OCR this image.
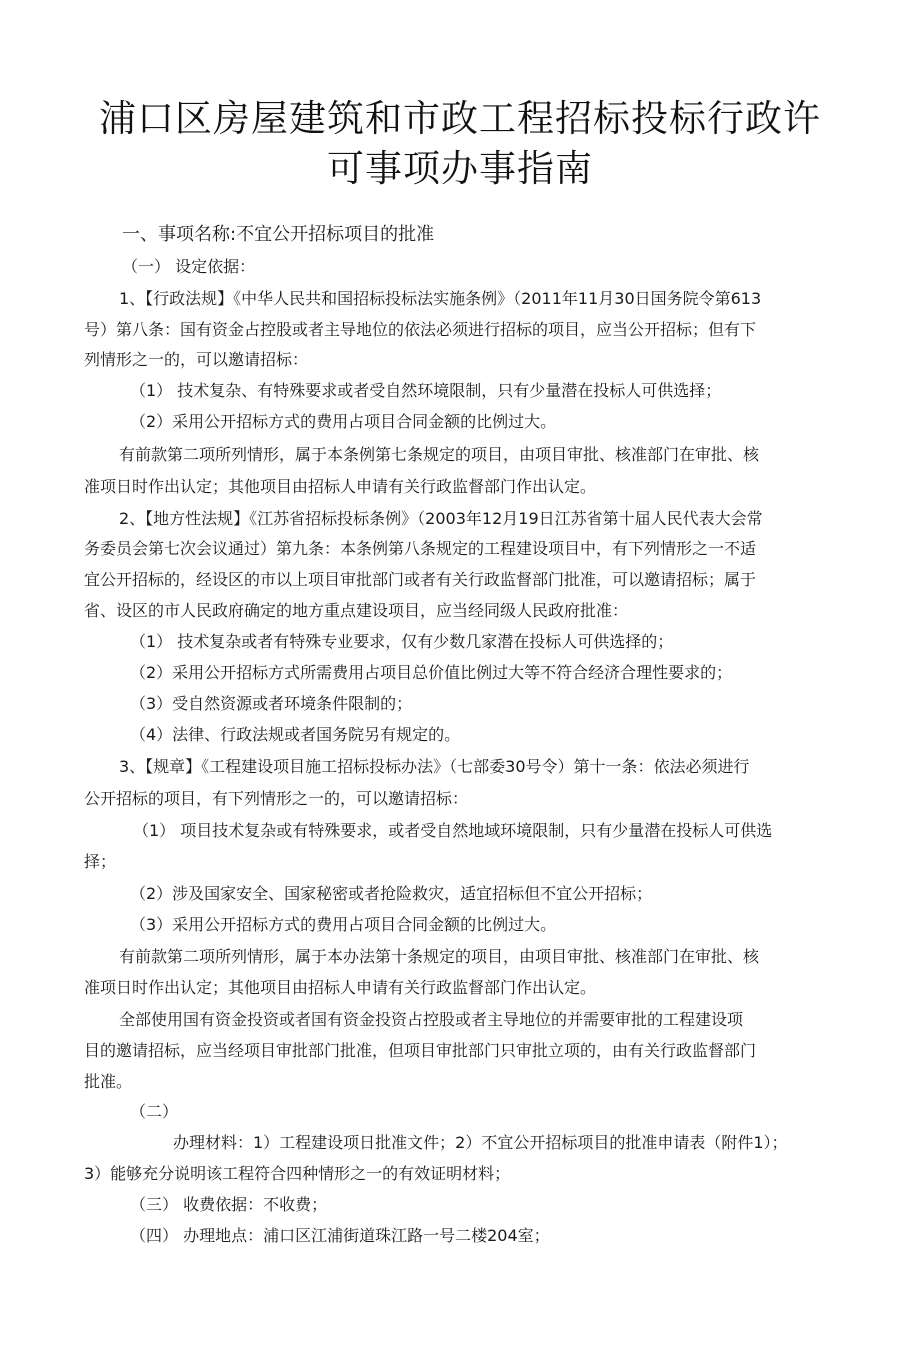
浦口区房屋建筑和市政工程招标投标行政许
可事项办事指南
一、事项名称:不宜公开招标项目的批准
（一） 设定依据：
1、【行政法规】《中华人民共和国招标投标法实施条例》（2011年11月30日国务院令第613
号）第八条：国有资金占控股或者主导地位的依法必须进行招标的项目，应当公开招标；但有下
列情形之一的，可以邀请招标：
（1） 技术复杂、有特殊要求或者受自然环境限制，只有少量潜在投标人可供选择；
（2）采用公开招标方式的费用占项目合同金额的比例过大。
有前款第二项所列情形，属于本条例第七条规定的项目，由项目审批、核准部门在审批、核
准项日时作出认定；其他项目由招标人申请有关行政监督部门作出认定。
2、【地方性法规】《江苏省招标投标条例》（2003年12月19日江苏省第十届人民代表大会常
务委员会第七次会议通过）第九条：本条例第八条规定的工程建设项目中，有下列情形之一不适
宜公开招标的，经设区的市以上项目审批部门或者有关行政监督部门批准，可以邀请招标；属于
省、设区的市人民政府确定的地方重点建设项目，应当经同级人民政府批准：
（1） 技术复杂或者有特殊专业要求，仅有少数几家潜在投标人可供选择的；
（2）采用公开招标方式所需费用占项目总价值比例过大等不符合经济合理性要求的；
（3）受自然资源或者环境条件限制的；
（4）法律、行政法规或者国务院另有规定的。
3、【规章】《工程建设项目施工招标投标办法》（七部委30号令）第十一条：依法必须进行
公开招标的项目，有下列情形之一的，可以邀请招标：
（1） 项目技术复杂或有特殊要求，或者受自然地域环境限制，只有少量潜在投标人可供选
择；
（2）涉及国家安全、国家秘密或者抢险救灾，适宜招标但不宜公开招标；
（3）采用公开招标方式的费用占项目合同金额的比例过大。
有前款第二项所列情形，属于本办法第十条规定的项目，由项目审批、核准部门在审批、核
准项日时作出认定；其他项目由招标人申请有关行政监督部门作出认定。
全部使用国有资金投资或者国有资金投资占控股或者主导地位的并需要审批的工程建设项
目的邀请招标，应当经项目审批部门批准，但项目审批部门只审批立项的，由有关行政监督部门
批准。
（二）
办理材料：1）工程建设项日批准文件；2）不宜公开招标项目的批准申请表（附件1）；
3）能够充分说明该工程符合四种情形之一的有效证明材料；
（三） 收费依据：不收费；
（四） 办理地点：浦口区江浦街道珠江路一号二楼204室；
